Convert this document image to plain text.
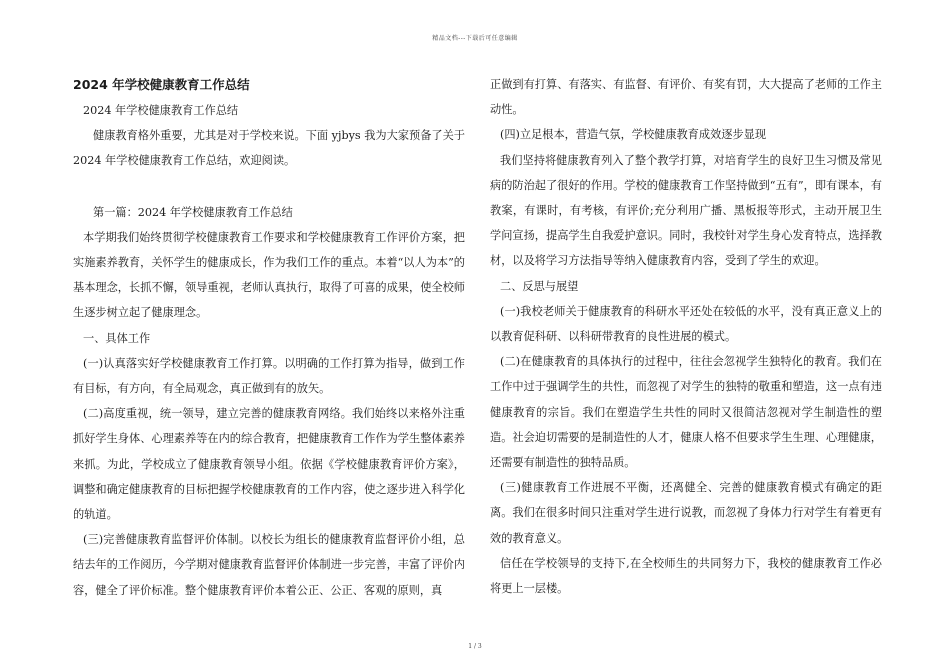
精品文档---下载后可任意编辑

2024 年学校健康教育工作总结

2024 年学校健康教育工作总结

健康教育格外重要，尤其是对于学校来说。下面 yjbys 我为大家预备了关于 2024 年学校健康教育工作总结，欢迎阅读。

第一篇：2024 年学校健康教育工作总结

本学期我们始终贯彻学校健康教育工作要求和学校健康教育工作评价方案，把实施素养教育，关怀学生的健康成长，作为我们工作的重点。本着“以人为本”的基本理念，长抓不懈，领导重视，老师认真执行，取得了可喜的成果，使全校师生逐步树立起了健康理念。

一、具体工作

(一)认真落实好学校健康教育工作打算。以明确的工作打算为指导，做到工作有目标，有方向，有全局观念，真正做到有的放矢。

(二)高度重视，统一领导，建立完善的健康教育网络。我们始终以来格外注重抓好学生身体、心理素养等在内的综合教育，把健康教育工作作为学生整体素养来抓。为此，学校成立了健康教育领导小组。依据《学校健康教育评价方案》，调整和确定健康教育的目标把握学校健康教育的工作内容，使之逐步进入科学化的轨道。

(三)完善健康教育监督评价体制。以校长为组长的健康教育监督评价小组，总结去年的工作阅历，今学期对健康教育监督评价体制进一步完善，丰富了评价内容，健全了评价标准。整个健康教育评价本着公正、公正、客观的原则，真

正做到有打算、有落实、有监督、有评价、有奖有罚，大大提高了老师的工作主动性。

(四)立足根本，营造气氛，学校健康教育成效逐步显现

我们坚持将健康教育列入了整个教学打算，对培育学生的良好卫生习惯及常见病的防治起了很好的作用。学校的健康教育工作坚持做到“五有”，即有课本，有教案，有课时，有考核，有评价;充分利用广播、黑板报等形式，主动开展卫生学问宣扬，提高学生自我爱护意识。同时，我校针对学生身心发育特点，选择教材，以及将学习方法指导等纳入健康教育内容，受到了学生的欢迎。

二、反思与展望

(一)我校老师关于健康教育的科研水平还处在较低的水平，没有真正意义上的以教育促科研、以科研带教育的良性进展的模式。

(二)在健康教育的具体执行的过程中，往往会忽视学生独特化的教育。我们在工作中过于强调学生的共性，而忽视了对学生的独特的敬重和塑造，这一点有违健康教育的宗旨。我们在塑造学生共性的同时又很简洁忽视对学生制造性的塑造。社会迫切需要的是制造性的人才，健康人格不但要求学生生理、心理健康，还需要有制造性的独特品质。

(三)健康教育工作进展不平衡，还离健全、完善的健康教育模式有确定的距离。我们在很多时间只注重对学生进行说教，而忽视了身体力行对学生有着更有效的教育意义。

信任在学校领导的支持下,在全校师生的共同努力下，我校的健康教育工作必将更上一层楼。

1 / 3
